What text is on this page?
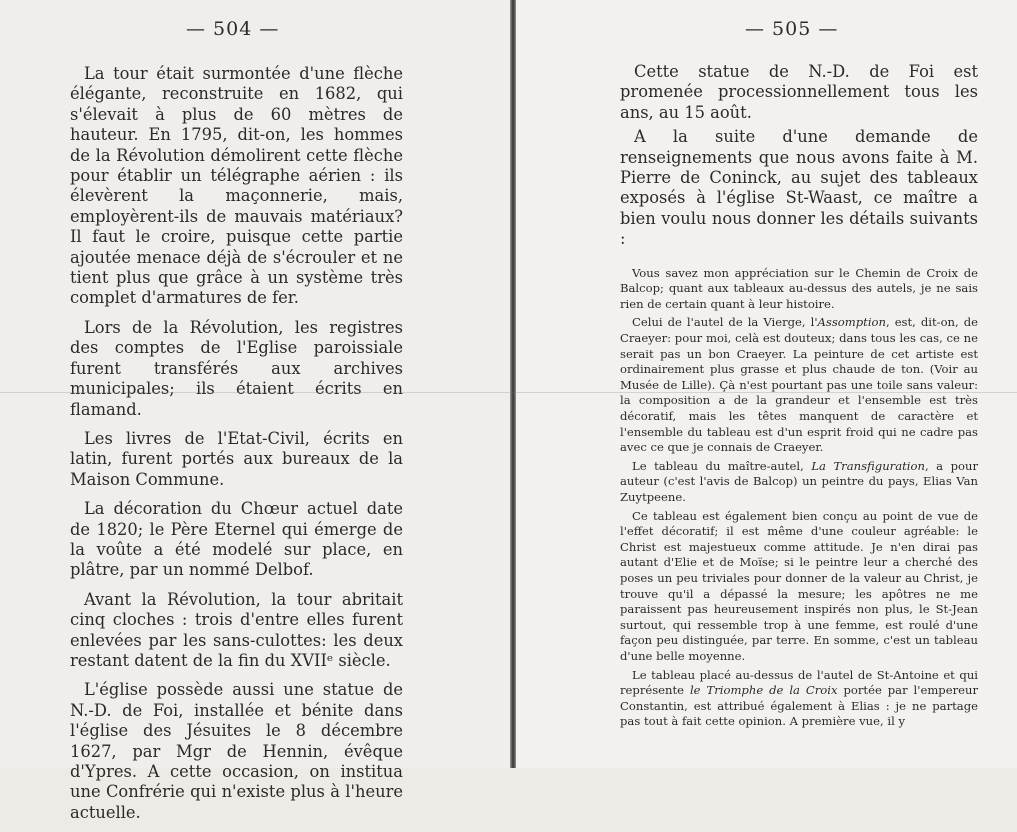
— 504 —

La tour était surmontée d'une flèche élégante, reconstruite en 1682, qui s'élevait à plus de 60 mètres de hauteur. En 1795, dit-on, les hommes de la Révolution démolirent cette flèche pour établir un télégraphe aérien : ils élevèrent la maçonnerie, mais, employèrent-ils de mauvais matériaux? Il faut le croire, puisque cette partie ajoutée menace déjà de s'écrouler et ne tient plus que grâce à un système très complet d'armatures de fer.

Lors de la Révolution, les registres des comptes de l'Eglise paroissiale furent transférés aux archives municipales; ils étaient écrits en flamand.

Les livres de l'Etat-Civil, écrits en latin, furent portés aux bureaux de la Maison Commune.

La décoration du Chœur actuel date de 1820; le Père Eternel qui émerge de la voûte a été modelé sur place, en plâtre, par un nommé Delbof.

Avant la Révolution, la tour abritait cinq cloches : trois d'entre elles furent enlevées par les sans-culottes: les deux restant datent de la fin du XVIIᵉ siècle.

L'église possède aussi une statue de N.-D. de Foi, installée et bénite dans l'église des Jésuites le 8 décembre 1627, par Mgr de Hennin, évêque d'Ypres. A cette occasion, on institua une Confrérie qui n'existe plus à l'heure actuelle.

— 505 —

Cette statue de N.-D. de Foi est promenée processionnellement tous les ans, au 15 août.

A la suite d'une demande de renseignements que nous avons faite à M. Pierre de Coninck, au sujet des tableaux exposés à l'église St-Waast, ce maître a bien voulu nous donner les détails suivants :

Vous savez mon appréciation sur le Chemin de Croix de Balcop; quant aux tableaux au-dessus des autels, je ne sais rien de certain quant à leur histoire.

Celui de l'autel de la Vierge, l'Assomption, est, dit-on, de Craeyer: pour moi, celà est douteux; dans tous les cas, ce ne serait pas un bon Craeyer. La peinture de cet artiste est ordinairement plus grasse et plus chaude de ton. (Voir au Musée de Lille). Çà n'est pourtant pas une toile sans valeur: la composition a de la grandeur et l'ensemble est très décoratif, mais les têtes manquent de caractère et l'ensemble du tableau est d'un esprit froid qui ne cadre pas avec ce que je connais de Craeyer.

Le tableau du maître-autel, La Transfiguration, a pour auteur (c'est l'avis de Balcop) un peintre du pays, Elias Van Zuytpeene.

Ce tableau est également bien conçu au point de vue de l'effet décoratif; il est même d'une couleur agréable: le Christ est majestueux comme attitude. Je n'en dirai pas autant d'Elie et de Moïse; si le peintre leur a cherché des poses un peu triviales pour donner de la valeur au Christ, je trouve qu'il a dépassé la mesure; les apôtres ne me paraissent pas heureusement inspirés non plus, le St-Jean surtout, qui ressemble trop à une femme, est roulé d'une façon peu distinguée, par terre. En somme, c'est un tableau d'une belle moyenne.

Le tableau placé au-dessus de l'autel de St-Antoine et qui représente le Triomphe de la Croix portée par l'empereur Constantin, est attribué également à Elias : je ne partage pas tout à fait cette opinion. A première vue, il y
